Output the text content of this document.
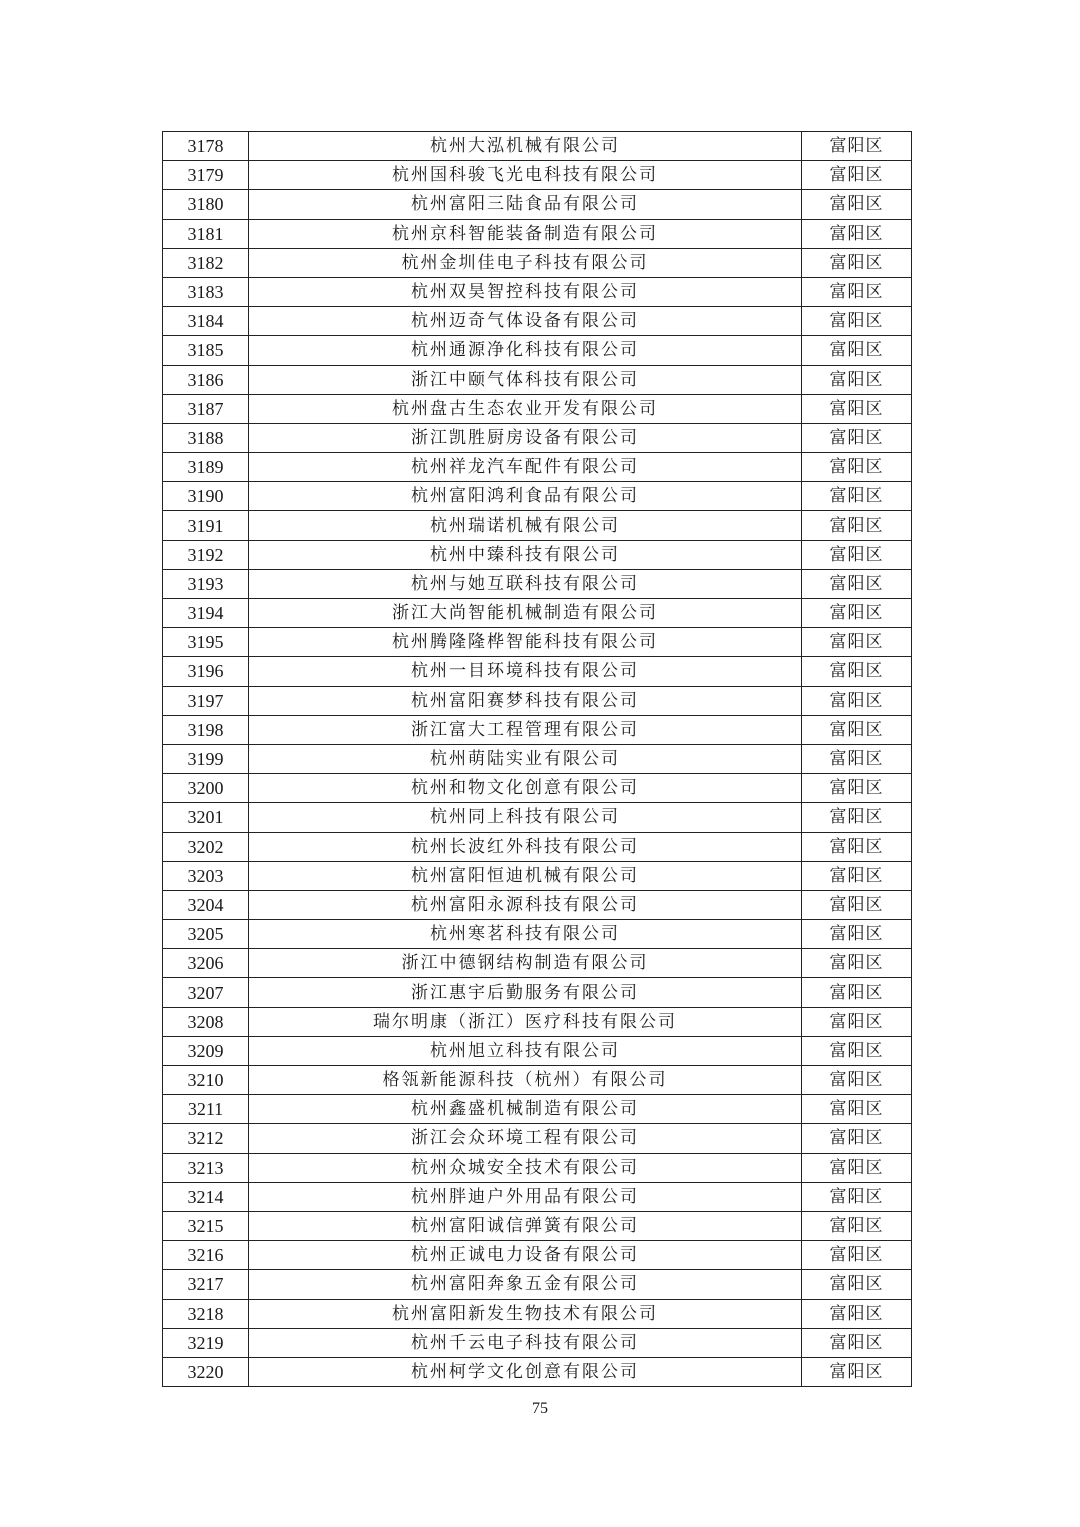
3178	杭州大泓机械有限公司	富阳区
3179	杭州国科骏飞光电科技有限公司	富阳区
3180	杭州富阳三陆食品有限公司	富阳区
3181	杭州京科智能装备制造有限公司	富阳区
3182	杭州金圳佳电子科技有限公司	富阳区
3183	杭州双昊智控科技有限公司	富阳区
3184	杭州迈奇气体设备有限公司	富阳区
3185	杭州通源净化科技有限公司	富阳区
3186	浙江中颐气体科技有限公司	富阳区
3187	杭州盘古生态农业开发有限公司	富阳区
3188	浙江凯胜厨房设备有限公司	富阳区
3189	杭州祥龙汽车配件有限公司	富阳区
3190	杭州富阳鸿利食品有限公司	富阳区
3191	杭州瑞诺机械有限公司	富阳区
3192	杭州中臻科技有限公司	富阳区
3193	杭州与她互联科技有限公司	富阳区
3194	浙江大尚智能机械制造有限公司	富阳区
3195	杭州腾隆隆桦智能科技有限公司	富阳区
3196	杭州一目环境科技有限公司	富阳区
3197	杭州富阳赛梦科技有限公司	富阳区
3198	浙江富大工程管理有限公司	富阳区
3199	杭州萌陆实业有限公司	富阳区
3200	杭州和物文化创意有限公司	富阳区
3201	杭州同上科技有限公司	富阳区
3202	杭州长波红外科技有限公司	富阳区
3203	杭州富阳恒迪机械有限公司	富阳区
3204	杭州富阳永源科技有限公司	富阳区
3205	杭州寒茗科技有限公司	富阳区
3206	浙江中德钢结构制造有限公司	富阳区
3207	浙江惠宇后勤服务有限公司	富阳区
3208	瑞尔明康（浙江）医疗科技有限公司	富阳区
3209	杭州旭立科技有限公司	富阳区
3210	格瓴新能源科技（杭州）有限公司	富阳区
3211	杭州鑫盛机械制造有限公司	富阳区
3212	浙江会众环境工程有限公司	富阳区
3213	杭州众城安全技术有限公司	富阳区
3214	杭州胖迪户外用品有限公司	富阳区
3215	杭州富阳诚信弹簧有限公司	富阳区
3216	杭州正诚电力设备有限公司	富阳区
3217	杭州富阳奔象五金有限公司	富阳区
3218	杭州富阳新发生物技术有限公司	富阳区
3219	杭州千云电子科技有限公司	富阳区
3220	杭州柯学文化创意有限公司	富阳区
75
